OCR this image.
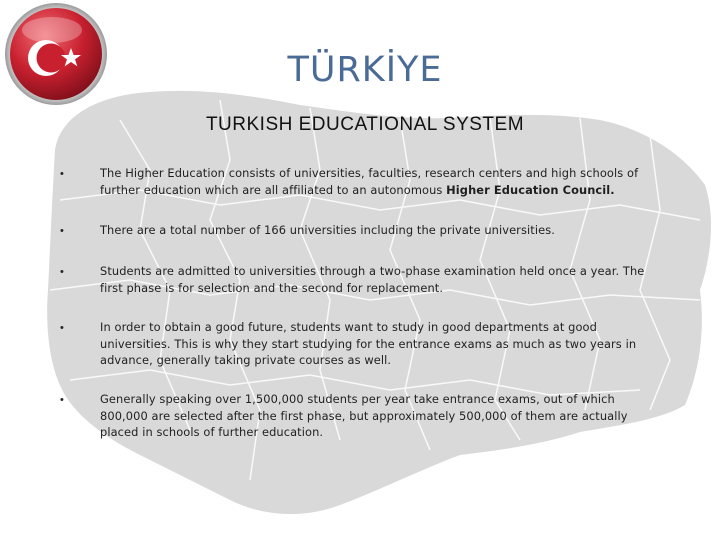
TÜRKİYE
TURKISH EDUCATIONAL SYSTEM
•	The Higher Education consists of universities, faculties, research centers and high schools of further education which are all affiliated to an autonomous Higher Education Council.
•	There are a total number of 166 universities including the private universities.
•	Students are admitted to universities through a two-phase examination held once a year. The first phase is for selection and the second for replacement.
•	In order to obtain a good future, students want to study in good departments at good universities. This is why they start studying for the entrance exams as much as two years in advance, generally taking private courses as well.
•	Generally speaking over 1,500,000 students per year take entrance exams, out of which 800,000 are selected after the first phase, but approximately 500,000 of them are actually placed in schools of further education.
